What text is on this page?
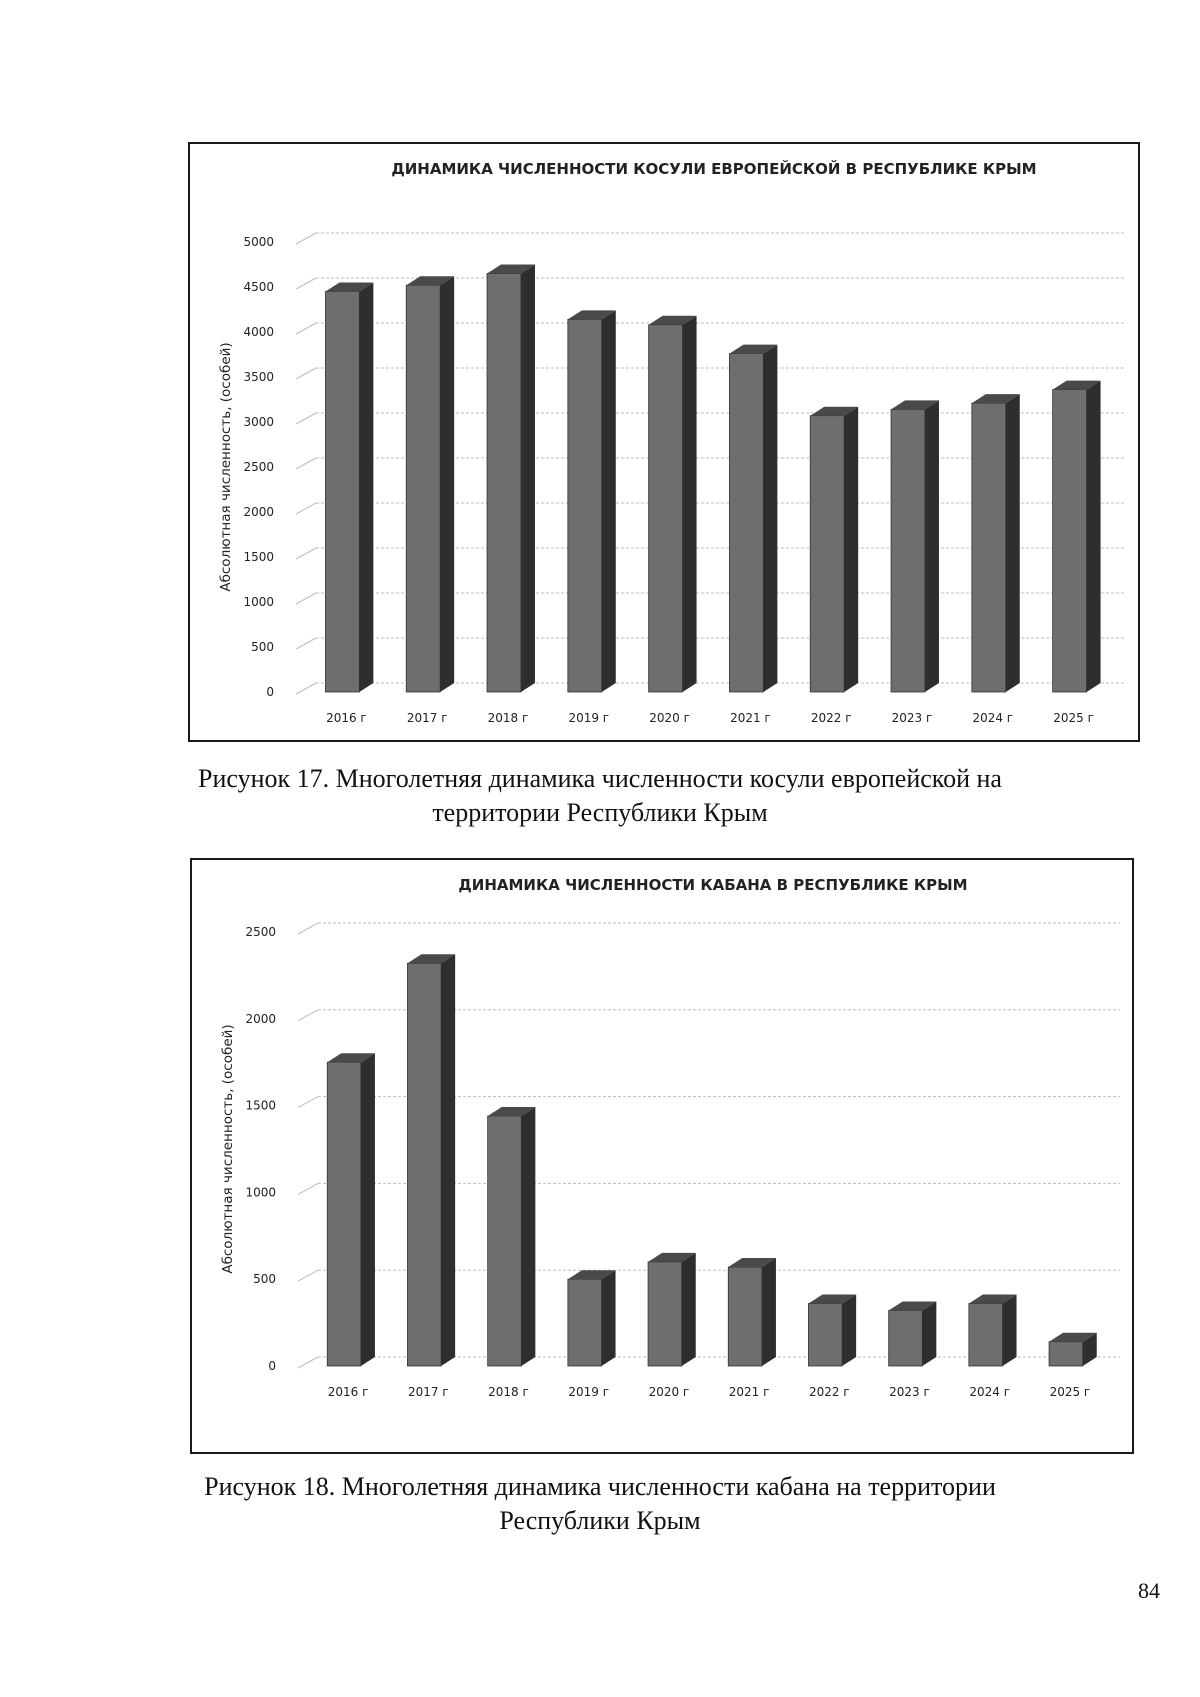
ДИНАМИКА ЧИСЛЕННОСТИ КОСУЛИ ЕВРОПЕЙСКОЙ В РЕСПУБЛИКЕ КРЫМ
0
500
1000
1500
2000
2500
3000
3500
4000
4500
5000
Абсолютная численность, (особей)
2016 г	2017 г	2018 г	2019 г	2020 г	2021 г	2022 г	2023 г	2024 г	2025 г

Рисунок 17. Многолетняя динамика численности косули европейской на территории Республики Крым

ДИНАМИКА ЧИСЛЕННОСТИ КАБАНА В РЕСПУБЛИКЕ КРЫМ
0
500
1000
1500
2000
2500
Абсолютная численность, (особей)
2016 г	2017 г	2018 г	2019 г	2020 г	2021 г	2022 г	2023 г	2024 г	2025 г

Рисунок 18. Многолетняя динамика численности кабана на территории Республики Крым

84
